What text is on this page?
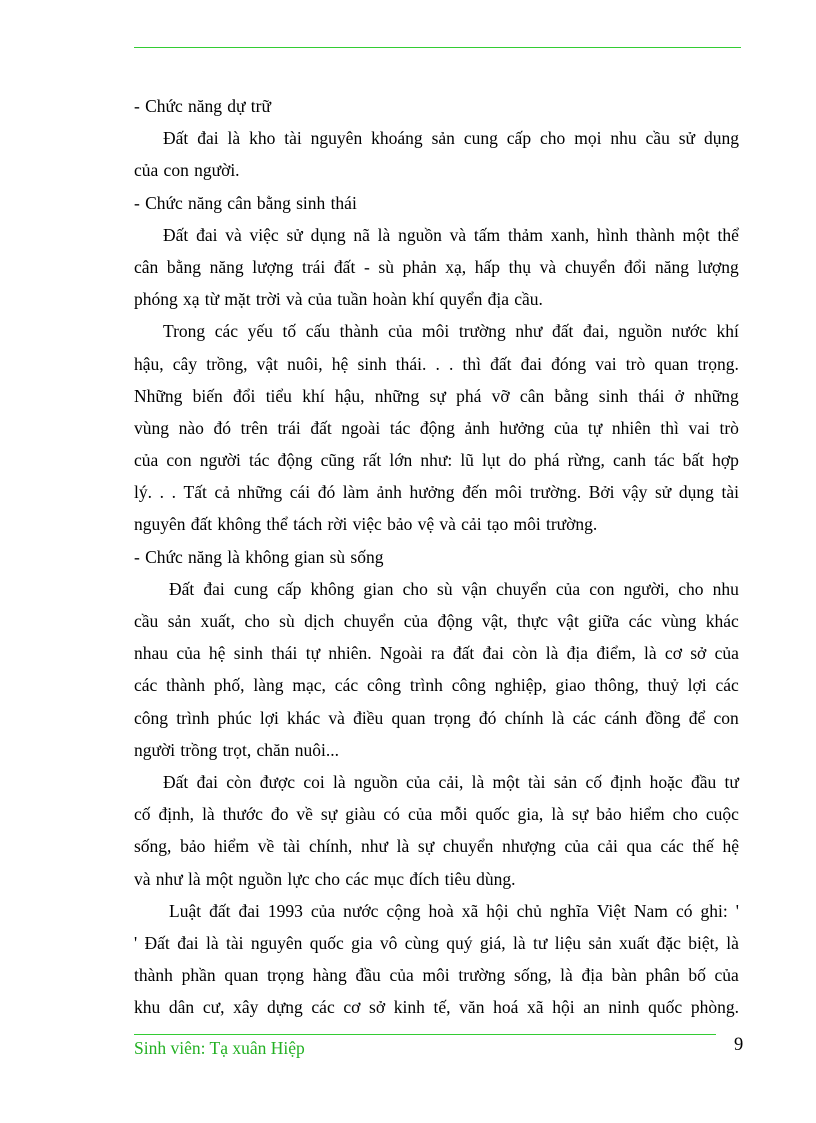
- Chức năng dự trữ
Đất đai là kho tài nguyên khoáng sản cung cấp cho mọi nhu cầu sử dụng
của con người.
- Chức năng cân bằng sinh thái
Đất đai và việc sử dụng nã là nguồn và tấm thảm xanh, hình thành một thể
cân bằng năng lượng trái đất - sù phản xạ, hấp thụ và chuyển đổi năng lượng
phóng xạ từ mặt trời và của tuần hoàn khí quyển địa cầu.
Trong các yếu tố cấu thành của môi trường như đất đai, nguồn nước khí
hậu, cây trồng, vật nuôi, hệ sinh thái. . . thì đất đai đóng vai trò quan trọng.
Những biến đổi tiểu khí hậu, những sự phá vỡ cân bằng sinh thái ở những
vùng nào đó trên trái đất ngoài tác động ảnh hưởng của tự nhiên thì vai trò
của con người tác động cũng rất lớn như: lũ lụt do phá rừng, canh tác bất hợp
lý. . . Tất cả những cái đó làm ảnh hưởng đến môi trường. Bởi vậy sử dụng tài
nguyên đất không thể tách rời việc bảo vệ và cải tạo môi trường.
- Chức năng là không gian sù sống
Đất đai cung cấp không gian cho sù vận chuyển của con người, cho nhu
cầu sản xuất, cho sù dịch chuyển của động vật, thực vật giữa các vùng khác
nhau của hệ sinh thái tự nhiên. Ngoài ra đất đai còn là địa điểm, là cơ sở của
các thành phố, làng mạc, các công trình công nghiệp, giao thông, thuỷ lợi các
công trình phúc lợi khác và điều quan trọng đó chính là các cánh đồng để con
người trồng trọt, chăn nuôi...
Đất đai còn được coi là nguồn của cải, là một tài sản cố định hoặc đầu tư
cố định, là thước đo về sự giàu có của mỗi quốc gia, là sự bảo hiểm cho cuộc
sống, bảo hiểm về tài chính, như là sự chuyển nhượng của cải qua các thế hệ
và như là một nguồn lực cho các mục đích tiêu dùng.
Luật đất đai 1993 của nước cộng hoà xã hội chủ nghĩa Việt Nam có ghi: '
' Đất đai là tài nguyên quốc gia vô cùng quý giá, là tư liệu sản xuất đặc biệt, là
thành phần quan trọng hàng đầu của môi trường sống, là địa bàn phân bố của
khu dân cư, xây dựng các cơ sở kinh tế, văn hoá xã hội an ninh quốc phòng.
Sinh viên: Tạ xuân Hiệp	9
